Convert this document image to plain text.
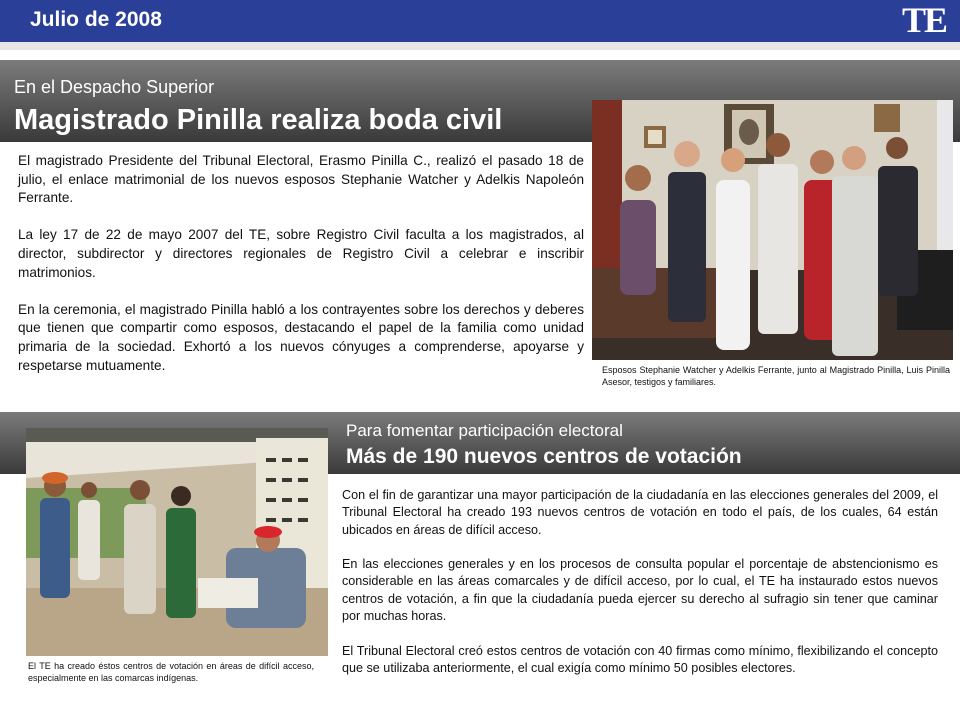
Julio de 2008	TE
En el Despacho Superior
Magistrado Pinilla realiza boda civil

El magistrado Presidente del Tribunal Electoral, Erasmo Pinilla C., realizó el pasado 18 de julio, el enlace matrimonial de los nuevos esposos Stephanie Watcher y Adelkis Napoleón Ferrante.

La ley 17 de 22 de mayo 2007 del TE, sobre Registro Civil faculta a los magistrados, al director, subdirector y directores regionales de Registro Civil a celebrar e inscribir matrimonios.

En la ceremonia, el magistrado Pinilla habló a los contrayentes sobre los derechos y deberes que tienen que compartir como esposos, destacando el papel de la familia como unidad primaria de la sociedad. Exhortó a los nuevos cónyuges a comprenderse, apoyarse y respetarse mutuamente.	Esposos Stephanie Watcher y Adelkis Ferrante, junto al Magistrado Pinilla, Luis Pinilla Asesor, testigos y familiares.
Para fomentar participación electoral
Más de 190 nuevos centros de votación
El TE ha creado éstos centros de votación en áreas de difícil acceso, especialmente en las comarcas indígenas.

Con el fin de garantizar una mayor participación de la ciudadanía en las elecciones generales del 2009, el Tribunal Electoral ha creado 193 nuevos centros de votación en todo el país, de los cuales, 64 están ubicados en áreas de difícil acceso.

En las elecciones generales y en los procesos de consulta popular el porcentaje de abstencionismo es considerable en las áreas comarcales y de difícil acceso, por lo cual, el TE ha instaurado estos nuevos centros de votación, a fin que la ciudadanía pueda ejercer su derecho al sufragio sin tener que caminar por muchas horas.

El Tribunal Electoral creó estos centros de votación con 40 firmas como mínimo, flexibilizando el concepto que se utilizaba anteriormente, el cual exigía como mínimo 50 posibles electores.
